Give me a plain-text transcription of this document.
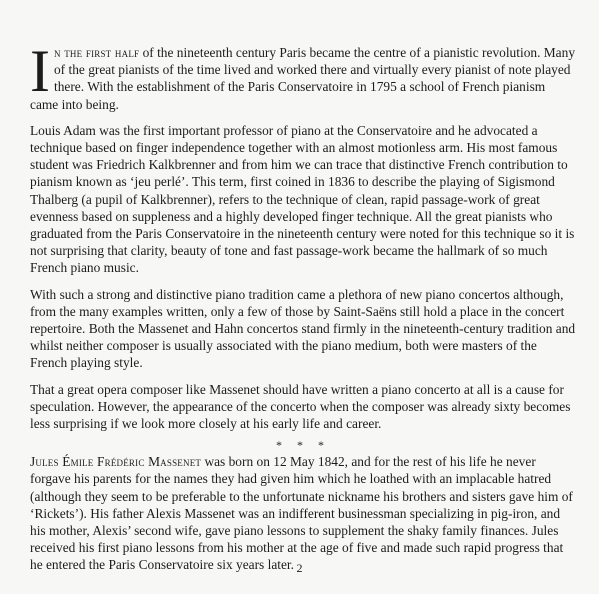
In the first half of the nineteenth century Paris became the centre of a pianistic revolution. Many of the great pianists of the time lived and worked there and virtually every pianist of note played there. With the establishment of the Paris Conservatoire in 1795 a school of French pianism came into being.

Louis Adam was the first important professor of piano at the Conservatoire and he advocated a technique based on finger independence together with an almost motionless arm. His most famous student was Friedrich Kalkbrenner and from him we can trace that distinctive French contribution to pianism known as ‘jeu perlé’. This term, first coined in 1836 to describe the playing of Sigismond Thalberg (a pupil of Kalkbrenner), refers to the technique of clean, rapid passage-work of great evenness based on suppleness and a highly developed finger technique. All the great pianists who graduated from the Paris Conservatoire in the nineteenth century were noted for this technique so it is not surprising that clarity, beauty of tone and fast passage-work became the hallmark of so much French piano music.

With such a strong and distinctive piano tradition came a plethora of new piano concertos although, from the many examples written, only a few of those by Saint-Saëns still hold a place in the concert repertoire. Both the Massenet and Hahn concertos stand firmly in the nineteenth-century tradition and whilst neither composer is usually associated with the piano medium, both were masters of the French playing style.

That a great opera composer like Massenet should have written a piano concerto at all is a cause for speculation. However, the appearance of the concerto when the composer was already sixty becomes less surprising if we look more closely at his early life and career.

* * *

Jules Émile Frédéric Massenet was born on 12 May 1842, and for the rest of his life he never forgave his parents for the names they had given him which he loathed with an implacable hatred (although they seem to be preferable to the unfortunate nickname his brothers and sisters gave him of ‘Rickets’). His father Alexis Massenet was an indifferent businessman specializing in pig-iron, and his mother, Alexis’ second wife, gave piano lessons to supplement the shaky family finances. Jules received his first piano lessons from his mother at the age of five and made such rapid progress that he entered the Paris Conservatoire six years later. 2
